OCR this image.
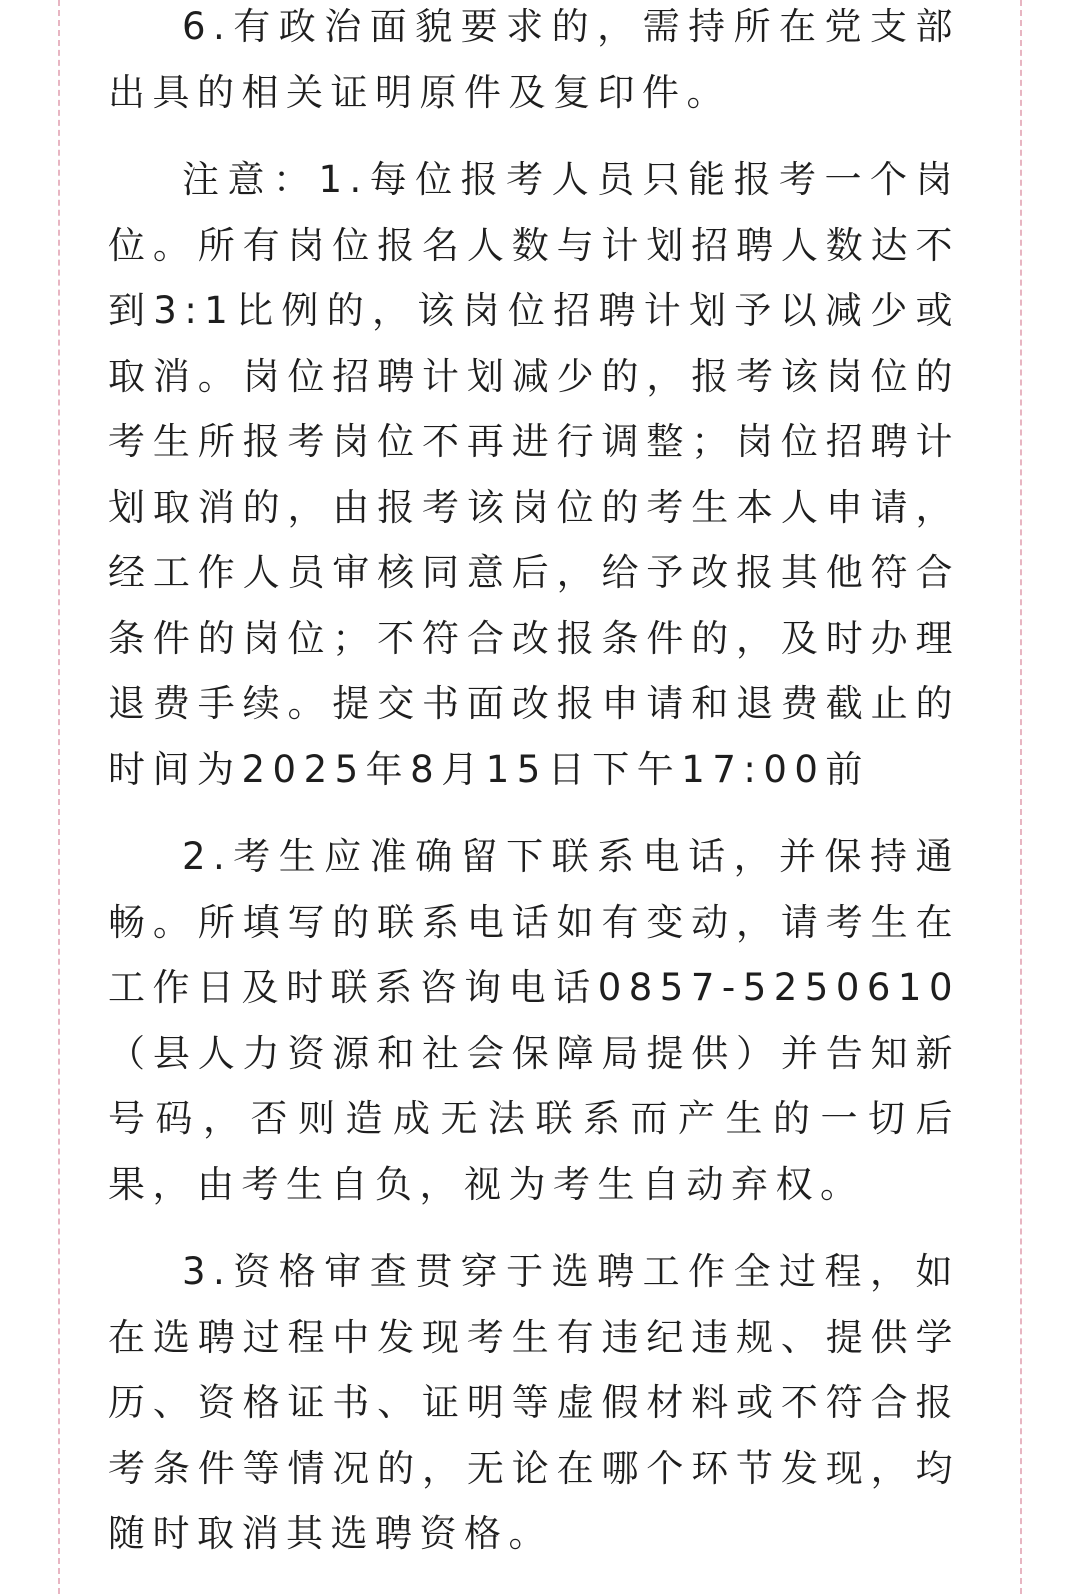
6.有政治面貌要求的，需持所在党支部出具的相关证明原件及复印件。

注意：1.每位报考人员只能报考一个岗位。所有岗位报名人数与计划招聘人数达不到3:1比例的，该岗位招聘计划予以减少或取消。岗位招聘计划减少的，报考该岗位的考生所报考岗位不再进行调整；岗位招聘计划取消的，由报考该岗位的考生本人申请，经工作人员审核同意后，给予改报其他符合条件的岗位；不符合改报条件的，及时办理退费手续。提交书面改报申请和退费截止的时间为2025年8月15日下午17:00前

2.考生应准确留下联系电话，并保持通畅。所填写的联系电话如有变动，请考生在工作日及时联系咨询电话0857-5250610（县人力资源和社会保障局提供）并告知新号码，否则造成无法联系而产生的一切后果，由考生自负，视为考生自动弃权。

3.资格审查贯穿于选聘工作全过程，如在选聘过程中发现考生有违纪违规、提供学历、资格证书、证明等虚假材料或不符合报考条件等情况的，无论在哪个环节发现，均随时取消其选聘资格。
